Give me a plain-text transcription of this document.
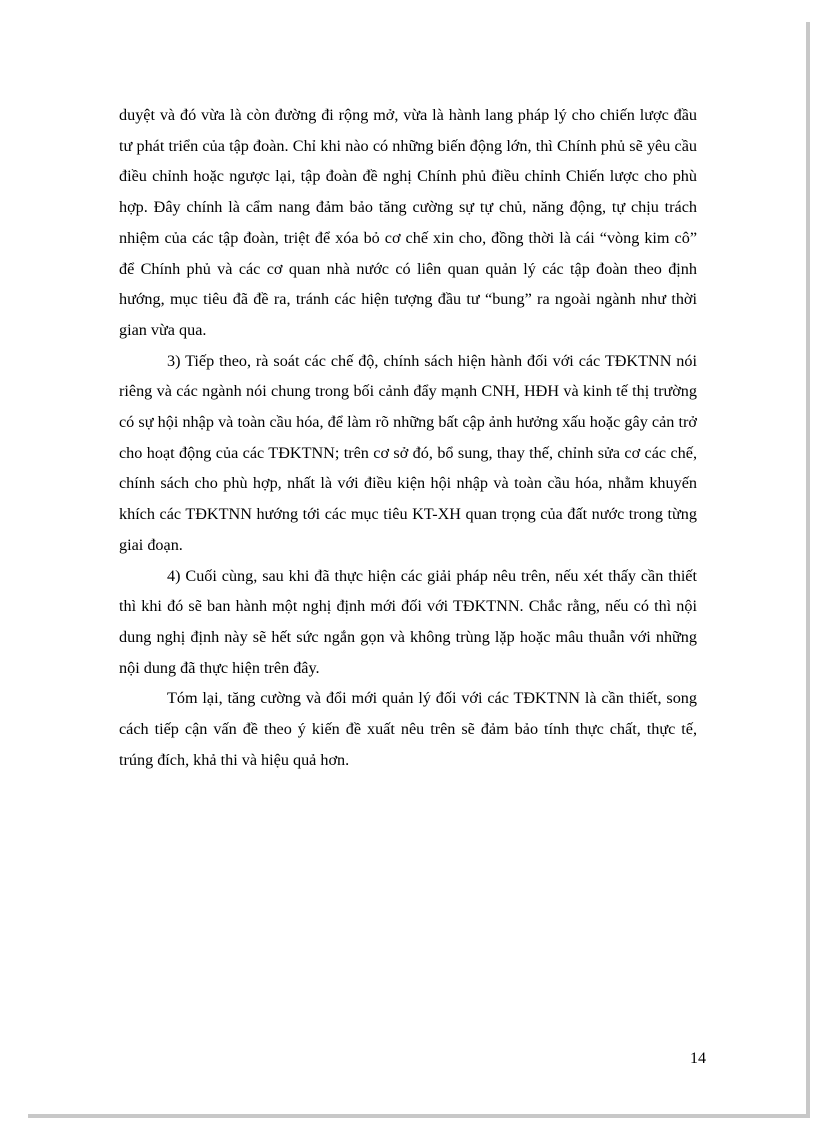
duyệt và đó vừa là còn đường đi rộng mở, vừa là hành lang pháp lý cho chiến lược đầu tư phát triển của tập đoàn. Chỉ khi nào có những biến động lớn, thì Chính phủ sẽ yêu cầu điều chỉnh hoặc ngược lại, tập đoàn đề nghị Chính phủ điều chỉnh Chiến lược cho phù hợp. Đây chính là cẩm nang đảm bảo tăng cường sự tự chủ, năng động, tự chịu trách nhiệm của các tập đoàn, triệt để xóa bỏ cơ chế xin cho, đồng thời là cái “vòng kim cô” để Chính phủ và các cơ quan nhà nước có liên quan quản lý các tập đoàn theo định hướng, mục tiêu đã đề ra, tránh các hiện tượng đầu tư “bung” ra ngoài ngành như thời gian vừa qua.

3) Tiếp theo, rà soát các chế độ, chính sách hiện hành đối với các TĐKTNN nói riêng và các ngành nói chung trong bối cảnh đẩy mạnh CNH, HĐH và kinh tế thị trường có sự hội nhập và toàn cầu hóa, để làm rõ những bất cập ảnh hưởng xấu hoặc gây cản trở cho hoạt động của các TĐKTNN; trên cơ sở đó, bổ sung, thay thế, chỉnh sửa cơ các chế, chính sách cho phù hợp, nhất là với điều kiện hội nhập và toàn cầu hóa, nhằm khuyến khích các TĐKTNN hướng tới các mục tiêu KT-XH quan trọng của đất nước trong từng giai đoạn.

4) Cuối cùng, sau khi đã thực hiện các giải pháp nêu trên, nếu xét thấy cần thiết thì khi đó sẽ ban hành một nghị định mới đối với TĐKTNN. Chắc rằng, nếu có thì nội dung nghị định này sẽ hết sức ngắn gọn và không trùng lặp hoặc mâu thuẫn với những nội dung đã thực hiện trên đây.

Tóm lại, tăng cường và đổi mới quản lý đối với các TĐKTNN là cần thiết, song cách tiếp cận vấn đề theo ý kiến đề xuất nêu trên sẽ đảm bảo tính thực chất, thực tế, trúng đích, khả thi và hiệu quả hơn.

14
